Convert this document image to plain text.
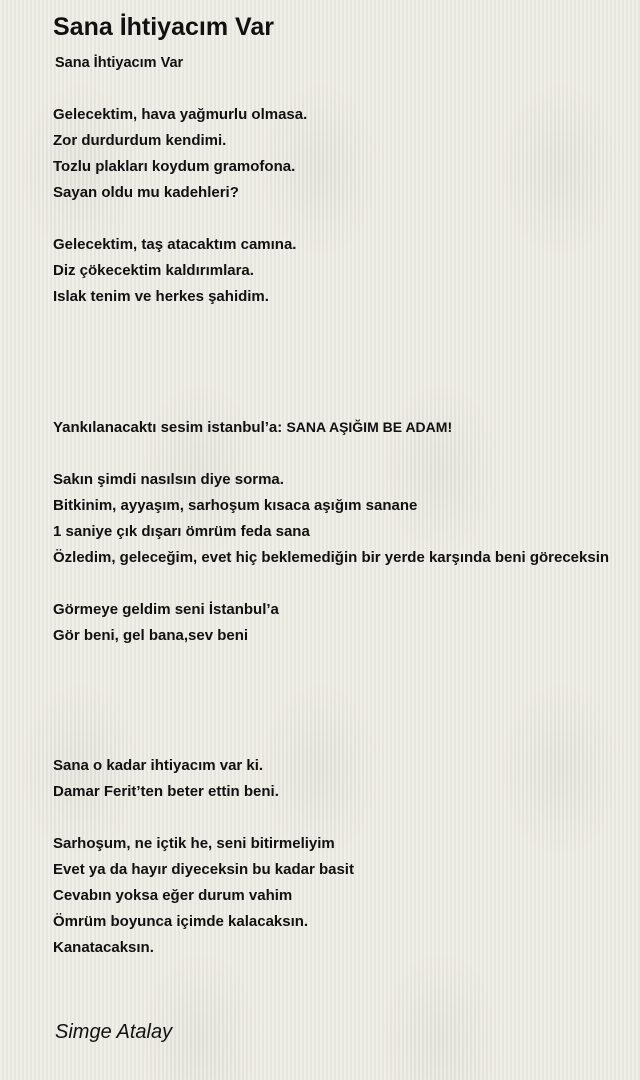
Sana İhtiyacım Var
Sana İhtiyacım Var
Gelecektim, hava yağmurlu olmasa.
Zor durdurdum kendimi.
Tozlu plakları koydum gramofona.
Sayan oldu mu kadehleri?
Gelecektim, taş atacaktım camına.
Diz çökecektim kaldırımlara.
Islak tenim ve herkes şahidim.
Yankılanacaktı sesim istanbul’a: SANA AŞIĞIM BE ADAM!
Sakın şimdi nasılsın diye sorma.
Bitkinim, ayyaşım, sarhoşum kısaca aşığım sanane
1 saniye çık dışarı ömrüm feda sana
Özledim, geleceğim, evet hiç beklemediğin bir yerde karşında beni göreceksin
Görmeye geldim seni İstanbul’a
Gör beni, gel bana,sev beni
Sana o kadar ihtiyacım var ki.
Damar Ferit’ten beter ettin beni.
Sarhoşum, ne içtik he, seni bitirmeliyim
Evet ya da hayır diyeceksin bu kadar basit
Cevabın yoksa eğer durum vahim
Ömrüm boyunca içimde kalacaksın.
Kanatacaksın.

Simge Atalay
